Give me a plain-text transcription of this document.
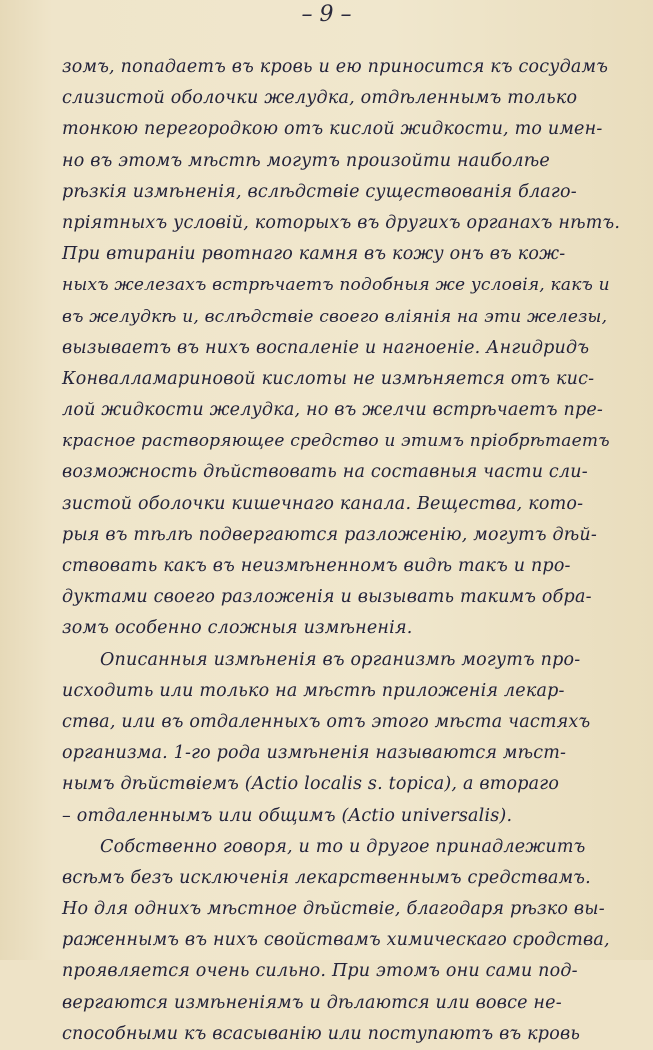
– 9 –
зомъ, попадаетъ въ кровь и ею приносится къ сосудамъ
слизистой оболочки желудка, отдѣленнымъ только
тонкою перегородкою отъ кислой жидкости, то имен-
но въ этомъ мѣстѣ могутъ произойти наиболѣе
рѣзкія измѣненія, вслѣдствіе существованія благо-
пріятныхъ условій, которыхъ въ другихъ органахъ нѣтъ.
При втираніи рвотнаго камня въ кожу онъ въ кож-
ныхъ железахъ встрѣчаетъ подобныя же условія, какъ и
въ желудкѣ и, вслѣдствіе своего вліянія на эти железы,
вызываетъ въ нихъ воспаленіе и нагноеніе. Ангидридъ
Конвалламариновой кислоты не измѣняется отъ кис-
лой жидкости желудка, но въ желчи встрѣчаетъ пре-
красное растворяющее средство и этимъ пріобрѣтаетъ
возможность дѣйствовать на составныя части сли-
зистой оболочки кишечнаго канала. Вещества, кото-
рыя въ тѣлѣ подвергаются разложенію, могутъ дѣй-
ствовать какъ въ неизмѣненномъ видѣ такъ и про-
дуктами своего разложенія и вызывать такимъ обра-
зомъ особенно сложныя измѣненія.
Описанныя измѣненія въ организмѣ могутъ про-
исходить или только на мѣстѣ приложенія лекар-
ства, или въ отдаленныхъ отъ этого мѣста частяхъ
организма. 1-го рода измѣненія называются мѣст-
нымъ дѣйствіемъ (Actio localis s. topica), а втораго
– отдаленнымъ или общимъ (Actio universalis).
Собственно говоря, и то и другое принадлежитъ
всѣмъ безъ исключенія лекарственнымъ средствамъ.
Но для однихъ мѣстное дѣйствіе, благодаря рѣзко вы-
раженнымъ въ нихъ свойствамъ химическаго сродства,
проявляется очень сильно. При этомъ они сами под-
вергаются измѣненіямъ и дѣлаются или вовсе не-
способными къ всасыванію или поступаютъ въ кровь
